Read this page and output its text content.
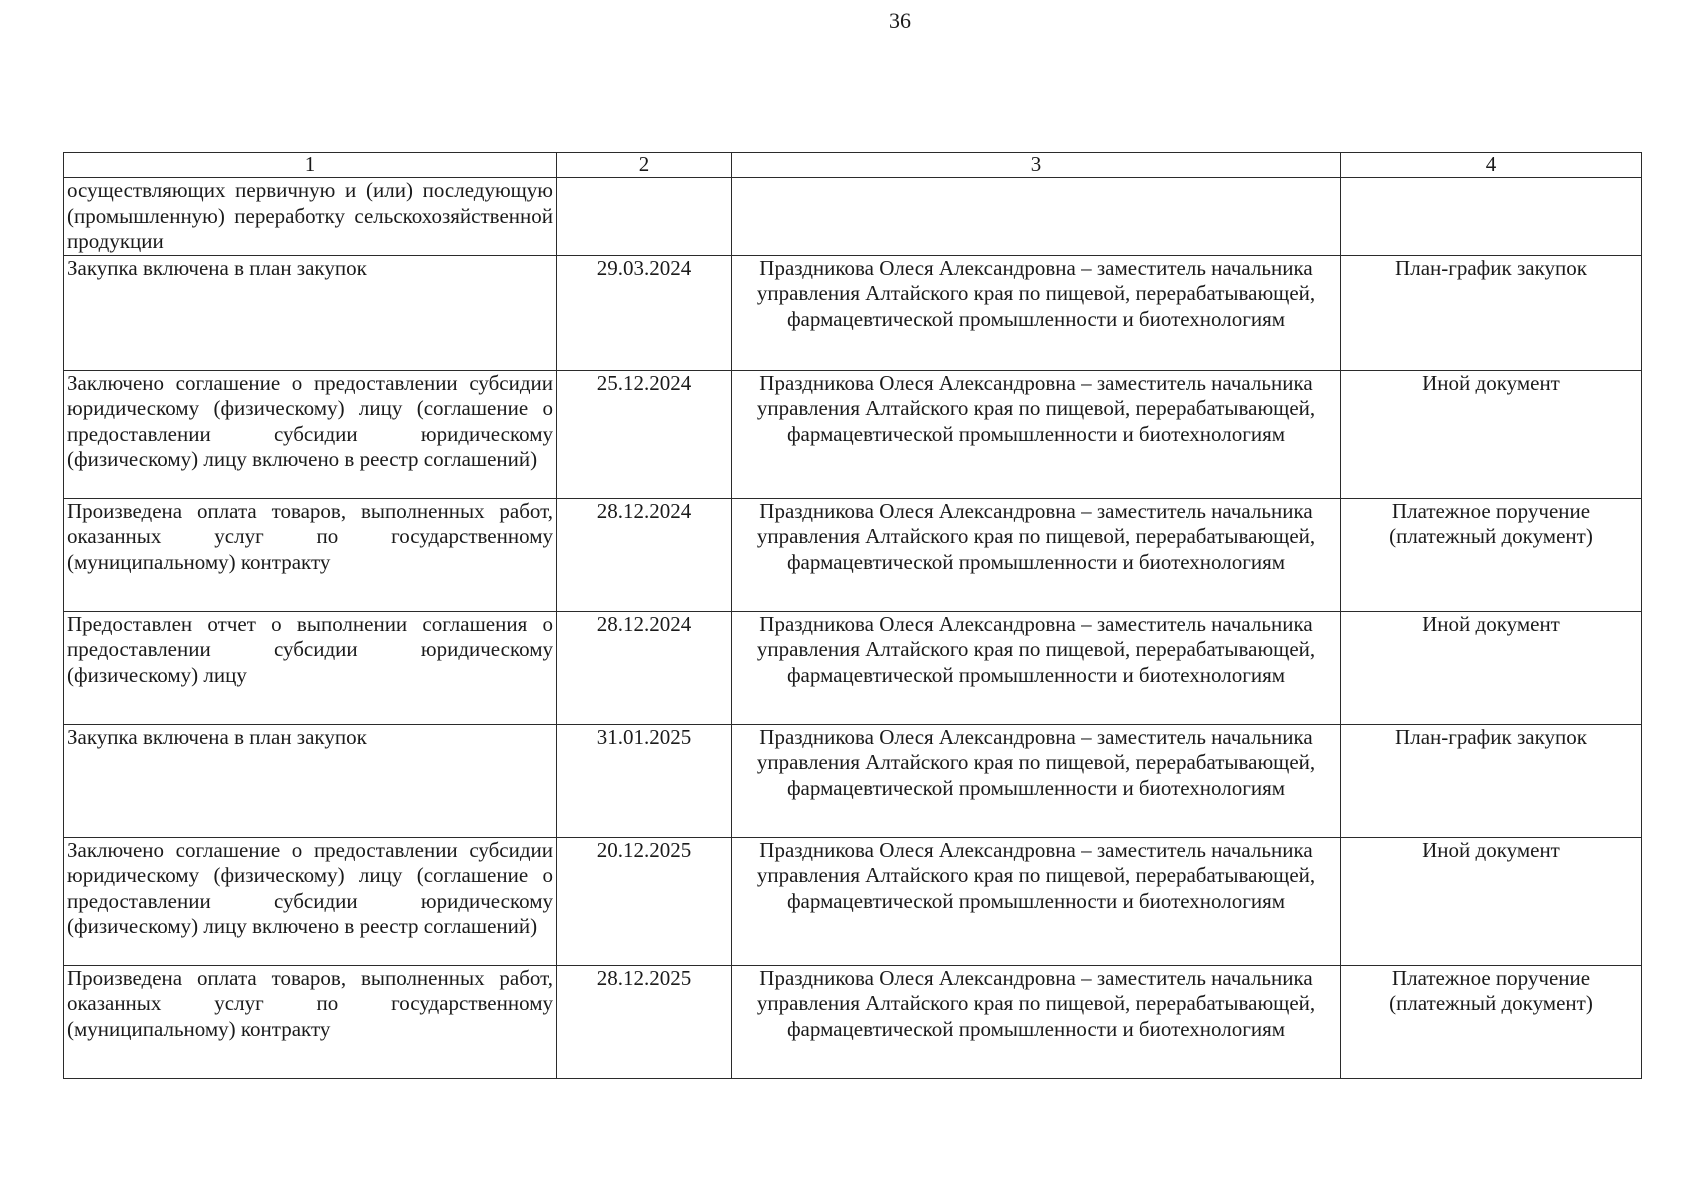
36
1	2	3	4
осуществляющих первичную и (или) последующую (промышленную) переработку сельскохозяйственной продукции			
Закупка включена в план закупок	29.03.2024	Праздникова Олеся Александровна – заместитель начальника управления Алтайского края по пищевой, перерабатывающей, фармацевтической промышленности и биотехнологиям	План-график закупок
Заключено соглашение о предоставлении субсидии юридическому (физическому) лицу (соглашение о предоставлении субсидии юридическому (физическому) лицу включено в реестр соглашений)	25.12.2024	Праздникова Олеся Александровна – заместитель начальника управления Алтайского края по пищевой, перерабатывающей, фармацевтической промышленности и биотехнологиям	Иной документ
Произведена оплата товаров, выполненных работ, оказанных услуг по государственному (муниципальному) контракту	28.12.2024	Праздникова Олеся Александровна – заместитель начальника управления Алтайского края по пищевой, перерабатывающей, фармацевтической промышленности и биотехнологиям	Платежное поручение (платежный документ)
Предоставлен отчет о выполнении соглашения о предоставлении субсидии юридическому (физическому) лицу	28.12.2024	Праздникова Олеся Александровна – заместитель начальника управления Алтайского края по пищевой, перерабатывающей, фармацевтической промышленности и биотехнологиям	Иной документ
Закупка включена в план закупок	31.01.2025	Праздникова Олеся Александровна – заместитель начальника управления Алтайского края по пищевой, перерабатывающей, фармацевтической промышленности и биотехнологиям	План-график закупок
Заключено соглашение о предоставлении субсидии юридическому (физическому) лицу (соглашение о предоставлении субсидии юридическому (физическому) лицу включено в реестр соглашений)	20.12.2025	Праздникова Олеся Александровна – заместитель начальника управления Алтайского края по пищевой, перерабатывающей, фармацевтической промышленности и биотехнологиям	Иной документ
Произведена оплата товаров, выполненных работ, оказанных услуг по государственному (муниципальному) контракту	28.12.2025	Праздникова Олеся Александровна – заместитель начальника управления Алтайского края по пищевой, перерабатывающей, фармацевтической промышленности и биотехнологиям	Платежное поручение (платежный документ)
